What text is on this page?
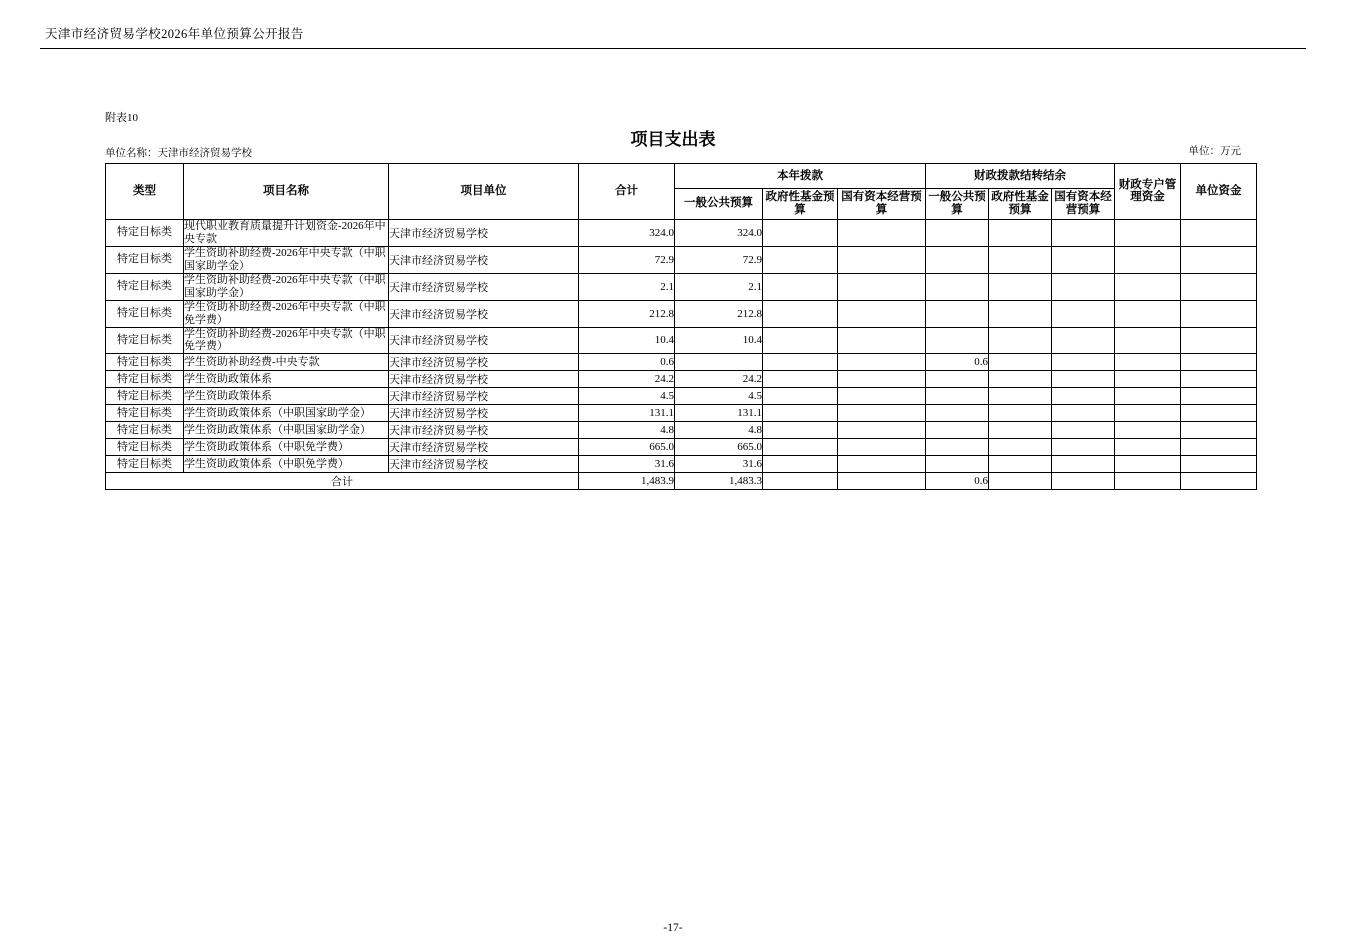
天津市经济贸易学校2026年单位预算公开报告
附表10
项目支出表
单位名称：天津市经济贸易学校	单位：万元
类型	项目名称	项目单位	合计	本年拨款			财政拨款结转结余			财政专户管理资金	单位资金
				一般公共预算	政府性基金预算	国有资本经营预算	一般公共预算	政府性基金预算	国有资本经营预算		
特定目标类	现代职业教育质量提升计划资金-2026年中央专款	天津市经济贸易学校	324.0	324.0							
特定目标类	学生资助补助经费-2026年中央专款（中职国家助学金）	天津市经济贸易学校	72.9	72.9							
特定目标类	学生资助补助经费-2026年中央专款（中职国家助学金）	天津市经济贸易学校	2.1	2.1							
特定目标类	学生资助补助经费-2026年中央专款（中职免学费）	天津市经济贸易学校	212.8	212.8							
特定目标类	学生资助补助经费-2026年中央专款（中职免学费）	天津市经济贸易学校	10.4	10.4							
特定目标类	学生资助补助经费-中央专款	天津市经济贸易学校	0.6				0.6				
特定目标类	学生资助政策体系	天津市经济贸易学校	24.2	24.2							
特定目标类	学生资助政策体系	天津市经济贸易学校	4.5	4.5							
特定目标类	学生资助政策体系（中职国家助学金）	天津市经济贸易学校	131.1	131.1							
特定目标类	学生资助政策体系（中职国家助学金）	天津市经济贸易学校	4.8	4.8							
特定目标类	学生资助政策体系（中职免学费）	天津市经济贸易学校	665.0	665.0							
特定目标类	学生资助政策体系（中职免学费）	天津市经济贸易学校	31.6	31.6							
合计			1,483.9	1,483.3			0.6				
-17-
